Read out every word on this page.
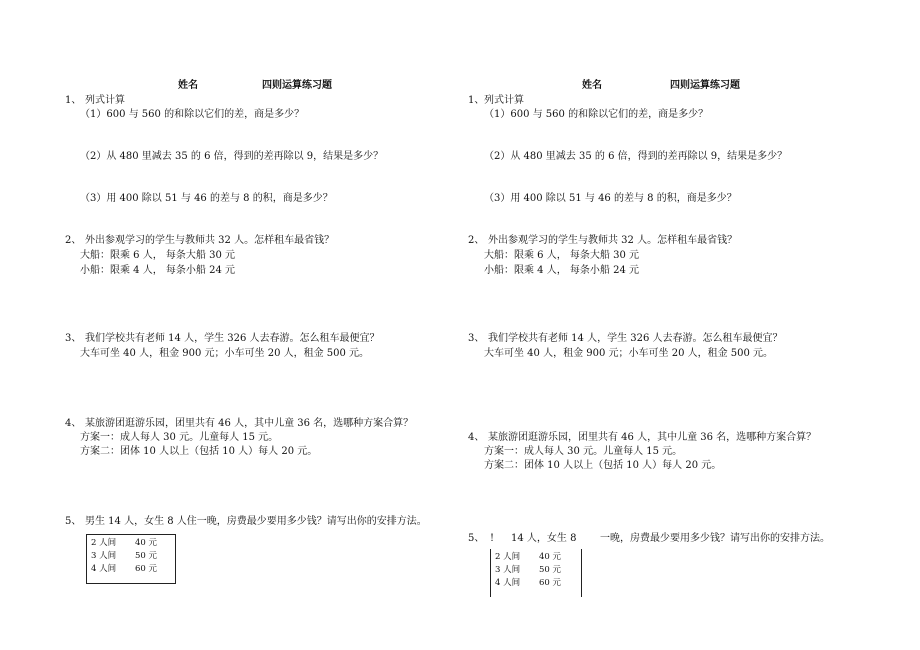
姓名	四则运算练习题
1、 列式计算
（1）600 与 560 的和除以它们的差，商是多少？
（2）从 480 里减去 35 的 6 倍，得到的差再除以 9，结果是多少？
（3）用 400 除以 51 与 46 的差与 8 的积，商是多少？
2、 外出参观学习的学生与教师共 32 人。怎样租车最省钱？
大船：限乘 6 人， 每条大船 30 元
小船：限乘 4 人， 每条小船 24 元
3、 我们学校共有老师 14 人，学生 326 人去春游。怎么租车最便宜？
大车可坐 40 人，租金 900 元；小车可坐 20 人，租金 500 元。
4、 某旅游团逛游乐园，团里共有 46 人，其中儿童 36 名，选哪种方案合算？
方案一：成人每人 30 元。儿童每人 15 元。
方案二：团体 10 人以上（包括 10 人）每人 20 元。
5、 男生 14 人，女生 8 人住一晚，房费最少要用多少钱？请写出你的安排方法。
2 人间 40 元
3 人间 50 元
4 人间 60 元
姓名	四则运算练习题
1、 列式计算
（1）600 与 560 的和除以它们的差，商是多少？
（2）从 480 里减去 35 的 6 倍，得到的差再除以 9，结果是多少？
（3）用 400 除以 51 与 46 的差与 8 的积，商是多少？
2、 外出参观学习的学生与教师共 32 人。怎样租车最省钱？
大船：限乘 6 人， 每条大船 30 元
小船：限乘 4 人， 每条小船 24 元
3、 我们学校共有老师 14 人，学生 326 人去春游。怎么租车最便宜？
大车可坐 40 人，租金 900 元；小车可坐 20 人，租金 500 元。
4、 某旅游团逛游乐园，团里共有 46 人，其中儿童 36 名，选哪种方案合算？
方案一：成人每人 30 元。儿童每人 15 元。
方案二：团体 10 人以上（包括 10 人）每人 20 元。
5、 ! 14 人，女生 8 一晚，房费最少要用多少钱？请写出你的安排方法。
2 人间 40 元
3 人间 50 元
4 人间 60 元
